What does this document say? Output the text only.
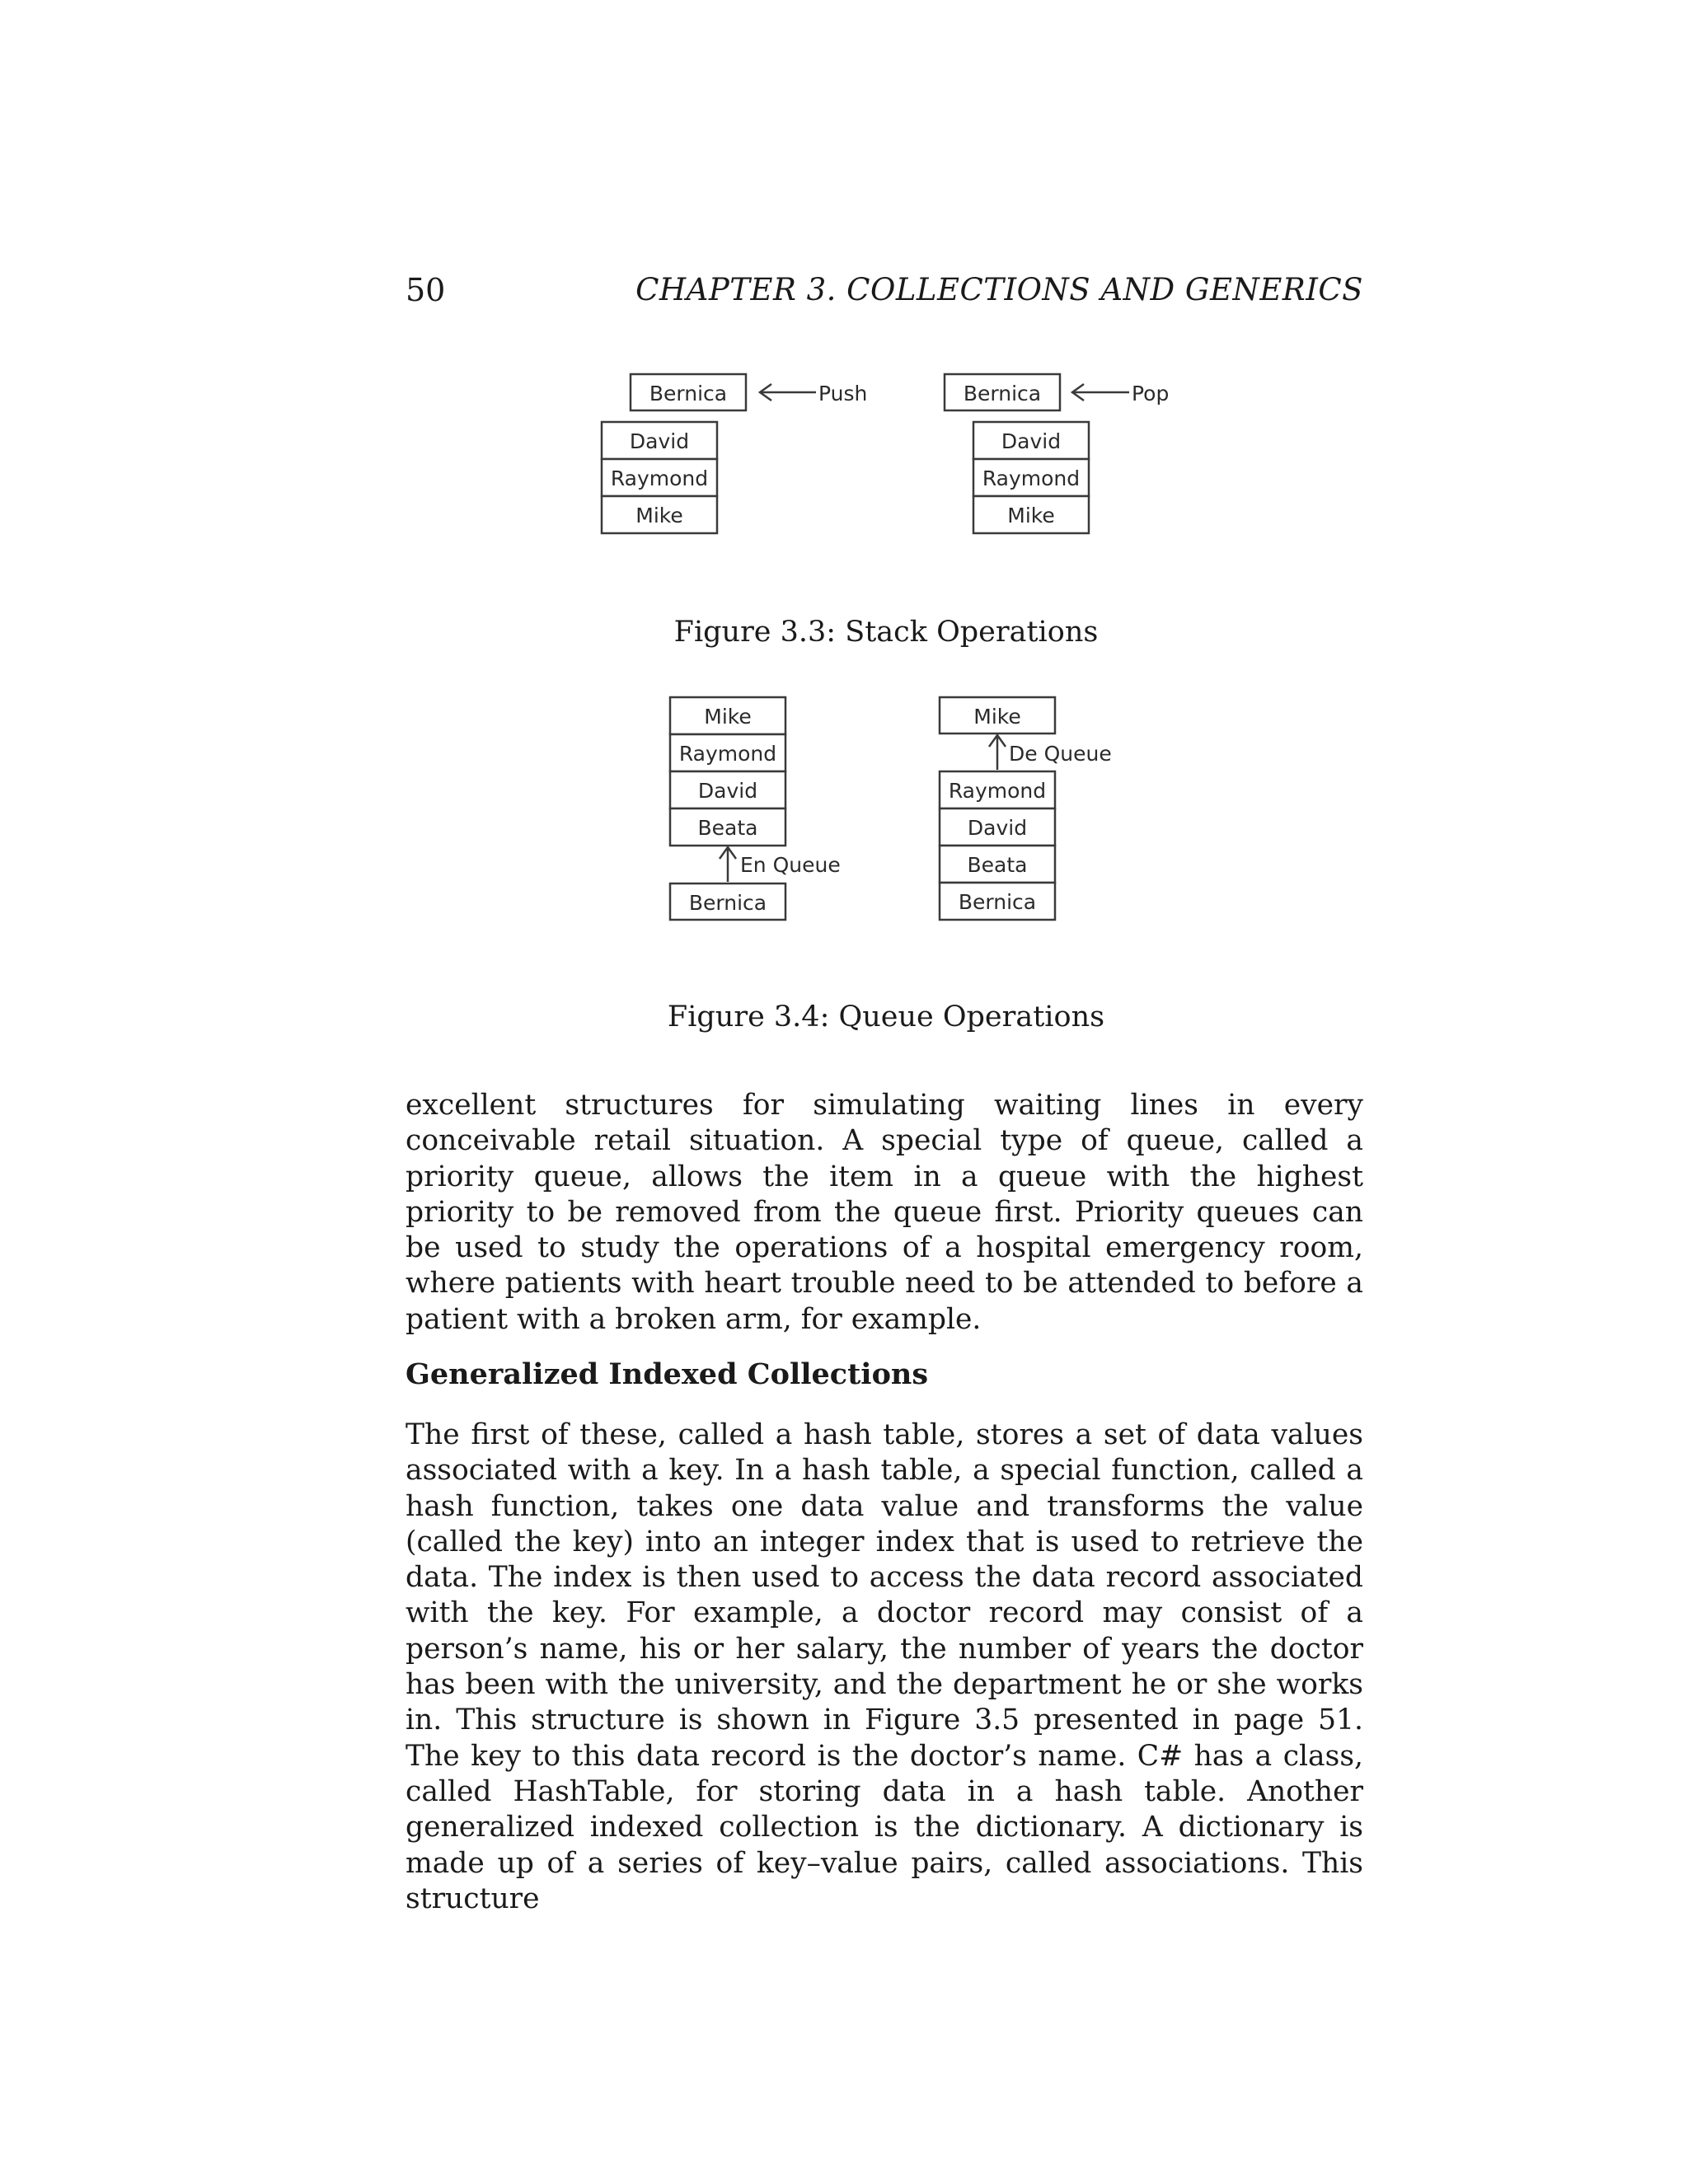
50	CHAPTER 3. COLLECTIONS AND GENERICS
Bernica	Push
David
Raymond
Mike
Bernica	Pop
David
Raymond
Mike
Figure 3.3: Stack Operations
Mike
Raymond
David
Beata
En Queue
Bernica
Mike
De Queue
Raymond
David
Beata
Bernica
Figure 3.4: Queue Operations

excellent structures for simulating waiting lines in every conceivable retail situation. A special type of queue, called a priority queue, allows the item in a queue with the highest priority to be removed from the queue first. Priority queues can be used to study the operations of a hospital emergency room, where patients with heart trouble need to be attended to before a patient with a broken arm, for example.

Generalized Indexed Collections

The first of these, called a hash table, stores a set of data values associated with a key. In a hash table, a special function, called a hash function, takes one data value and transforms the value (called the key) into an integer index that is used to retrieve the data. The index is then used to access the data record associated with the key. For example, a doctor record may consist of a person’s name, his or her salary, the number of years the doctor has been with the university, and the department he or she works in. This structure is shown in Figure 3.5 presented in page 51. The key to this data record is the doctor’s name. C# has a class, called HashTable, for storing data in a hash table. Another generalized indexed collection is the dictionary. A dictionary is made up of a series of key–value pairs, called associations. This structure
